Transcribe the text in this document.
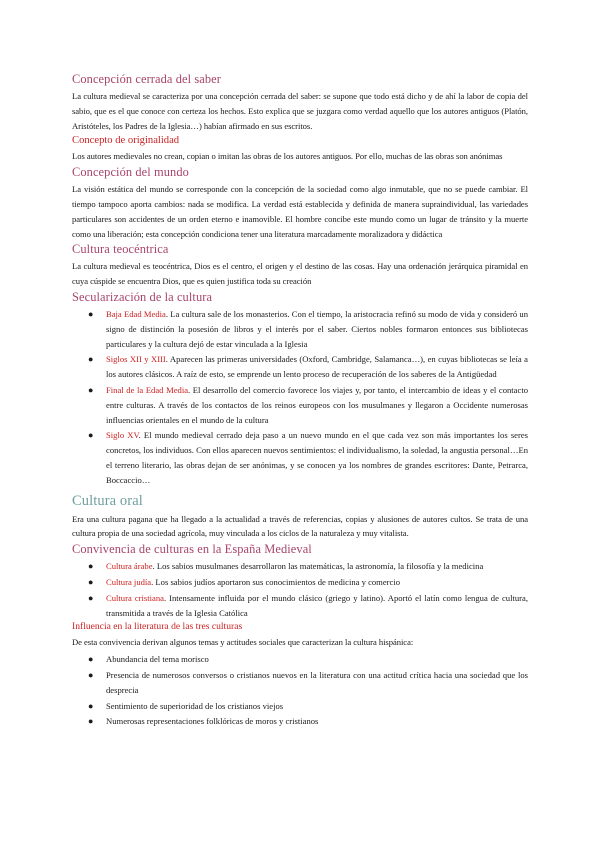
Concepción cerrada del saber

La cultura medieval se caracteriza por una concepción cerrada del saber: se supone que todo está dicho y de ahí la labor de copia del sabio, que es el que conoce con certeza los hechos. Esto explica que se juzgara como verdad aquello que los autores antiguos (Platón, Aristóteles, los Padres de la Iglesia…) habían afirmado en sus escritos.

Concepto de originalidad

Los autores medievales no crean, copian o imitan las obras de los autores antiguos. Por ello, muchas de las obras son anónimas

Concepción del mundo

La visión estática del mundo se corresponde con la concepción de la sociedad como algo inmutable, que no se puede cambiar. El tiempo tampoco aporta cambios: nada se modifica. La verdad está establecida y definida de manera supraindividual, las variedades particulares son accidentes de un orden eterno e inamovible. El hombre concibe este mundo como un lugar de tránsito y la muerte como una liberación; esta concepción condiciona tener una literatura marcadamente moralizadora y didáctica

Cultura teocéntrica

La cultura medieval es teocéntrica, Dios es el centro, el origen y el destino de las cosas. Hay una ordenación jerárquica piramidal en cuya cúspide se encuentra Dios, que es quien justifica toda su creación

Secularización de la cultura
● Baja Edad Media. La cultura sale de los monasterios. Con el tiempo, la aristocracia refinó su modo de vida y consideró un signo de distinción la posesión de libros y el interés por el saber. Ciertos nobles formaron entonces sus bibliotecas particulares y la cultura dejó de estar vinculada a la Iglesia
● Siglos XII y XIII. Aparecen las primeras universidades (Oxford, Cambridge, Salamanca…), en cuyas bibliotecas se leía a los autores clásicos. A raíz de esto, se emprende un lento proceso de recuperación de los saberes de la Antigüedad
● Final de la Edad Media. El desarrollo del comercio favorece los viajes y, por tanto, el intercambio de ideas y el contacto entre culturas. A través de los contactos de los reinos europeos con los musulmanes y llegaron a Occidente numerosas influencias orientales en el mundo de la cultura
● Siglo XV. El mundo medieval cerrado deja paso a un nuevo mundo en el que cada vez son más importantes los seres concretos, los individuos. Con ellos aparecen nuevos sentimientos: el individualismo, la soledad, la angustia personal…En el terreno literario, las obras dejan de ser anónimas, y se conocen ya los nombres de grandes escritores: Dante, Petrarca, Boccaccio…
Cultura oral

Era una cultura pagana que ha llegado a la actualidad a través de referencias, copias y alusiones de autores cultos. Se trata de una cultura propia de una sociedad agrícola, muy vinculada a los ciclos de la naturaleza y muy vitalista.

Convivencia de culturas en la España Medieval
● Cultura árabe. Los sabios musulmanes desarrollaron las matemáticas, la astronomía, la filosofía y la medicina
● Cultura judía. Los sabios judíos aportaron sus conocimientos de medicina y comercio
● Cultura cristiana. Intensamente influida por el mundo clásico (griego y latino). Aportó el latín como lengua de cultura, transmitida a través de la Iglesia Católica
Influencia en la literatura de las tres culturas

De esta convivencia derivan algunos temas y actitudes sociales que caracterizan la cultura hispánica:

● Abundancia del tema morisco
● Presencia de numerosos conversos o cristianos nuevos en la literatura con una actitud crítica hacia una sociedad que los desprecia
● Sentimiento de superioridad de los cristianos viejos
● Numerosas representaciones folklóricas de moros y cristianos
